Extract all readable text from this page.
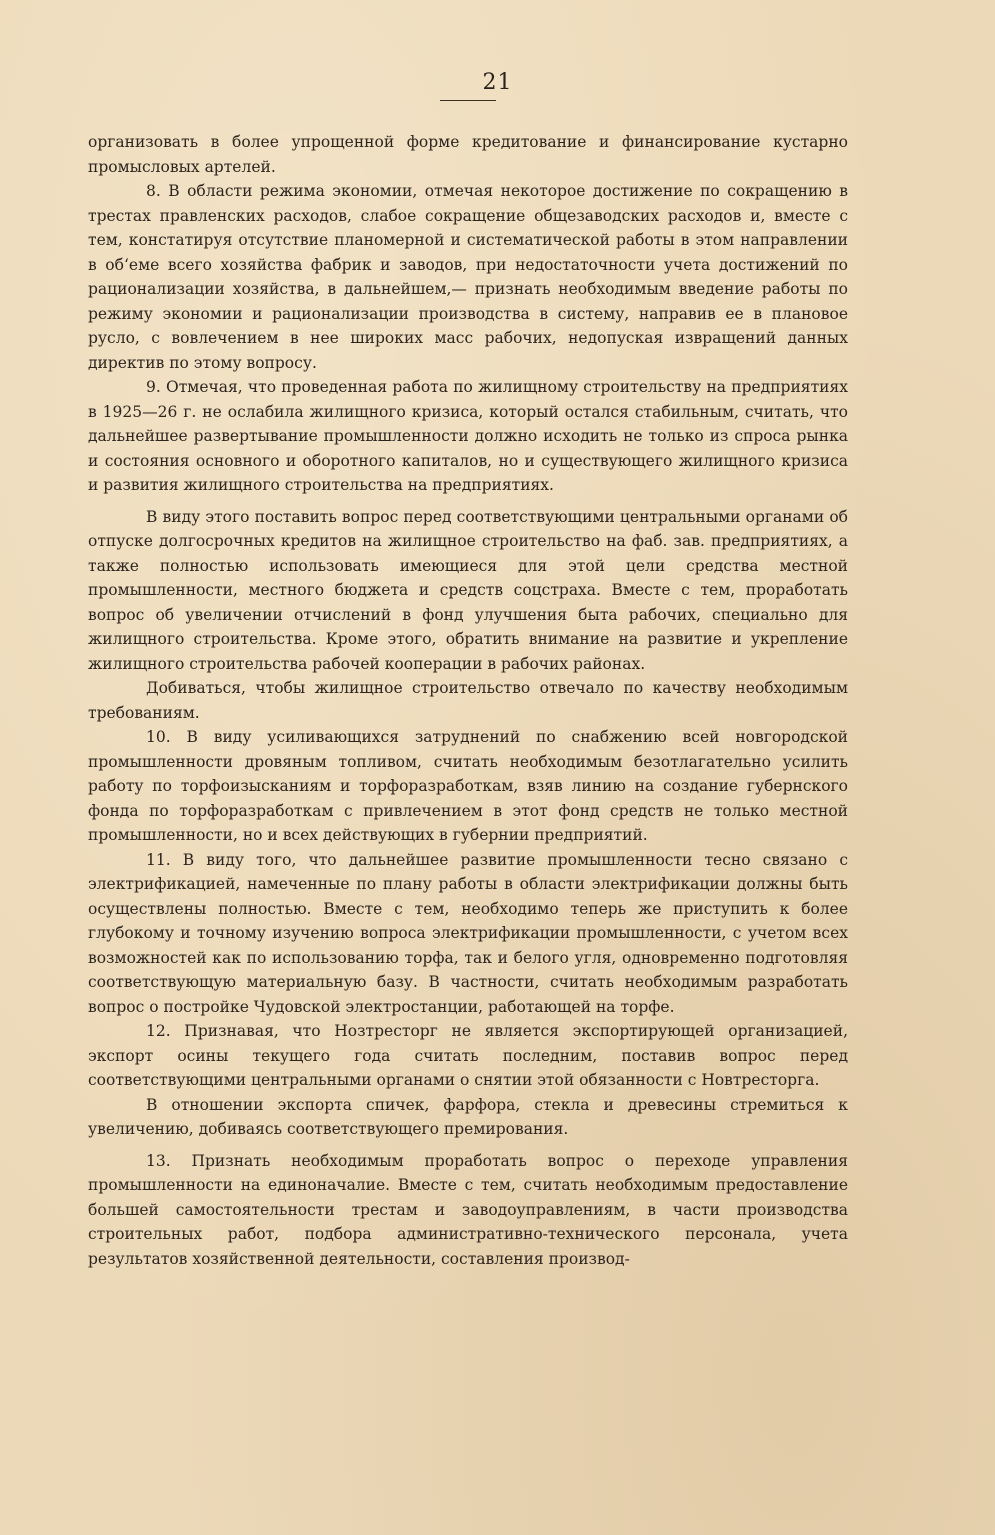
21

организовать в более упрощенной форме кредитование и финансирование кустарно промысловых артелей.

8. В области режима экономии, отмечая некоторое достижение по сокращению в трестах правленских расходов, слабое сокращение общезаводских расходов и, вместе с тем, констатируя отсутствие планомерной и систематической работы в этом направлении в об‘еме всего хозяйства фабрик и заводов, при недостаточности учета достижений по рационализации хозяйства, в дальнейшем,— признать необходимым введение работы по режиму экономии и рационализации производства в систему, направив ее в плановое русло, с вовлечением в нее широких масс рабочих, недопуская извращений данных директив по этому вопросу.

9. Отмечая, что проведенная работа по жилищному строительству на предприятиях в 1925—26 г. не ослабила жилищного кризиса, который остался стабильным, считать, что дальнейшее развертывание промышленности должно исходить не только из спроса рынка и состояния основного и оборотного капиталов, но и существующего жилищного кризиса и развития жилищного строительства на предприятиях.

В виду этого поставить вопрос перед соответствующими центральными органами об отпуске долгосрочных кредитов на жилищное строительство на фаб. зав. предприятиях, а также полностью использовать имеющиеся для этой цели средства местной промышленности, местного бюджета и средств соцстраха. Вместе с тем, проработать вопрос об увеличении отчислений в фонд улучшения быта рабочих, специально для жилищного строительства. Кроме этого, обратить внимание на развитие и укрепление жилищного строительства рабочей кооперации в рабочих районах.

Добиваться, чтобы жилищное строительство отвечало по качеству необходимым требованиям.

10. В виду усиливающихся затруднений по снабжению всей новгородской промышленности дровяным топливом, считать необходимым безотлагательно усилить работу по торфоизысканиям и торфоразработкам, взяв линию на создание губернского фонда по торфоразработкам с привлечением в этот фонд средств не только местной промышленности, но и всех действующих в губернии предприятий.

11. В виду того, что дальнейшее развитие промышленности тесно связано с электрификацией, намеченные по плану работы в области электрификации должны быть осуществлены полностью. Вместе с тем, необходимо теперь же приступить к более глубокому и точному изучению вопроса электрификации промышленности, с учетом всех возможностей как по использованию торфа, так и белого угля, одновременно подготовляя соответствующую материальную базу. В частности, считать необходимым разработать вопрос о постройке Чудовской электростанции, работающей на торфе.

12. Признавая, что Нозтресторг не является экспортирующей организацией, экспорт осины текущего года считать последним, поставив вопрос перед соответствующими центральными органами о снятии этой обязанности с Новтресторга.

В отношении экспорта спичек, фарфора, стекла и древесины стремиться к увеличению, добиваясь соответствующего премирования.

13. Признать необходимым проработать вопрос о переходе управления промышленности на единоначалие. Вместе с тем, считать необходимым предоставление большей самостоятельности трестам и заводоуправлениям, в части производства строительных работ, подбора административно-технического персонала, учета результатов хозяйственной деятельности, составления производ-
